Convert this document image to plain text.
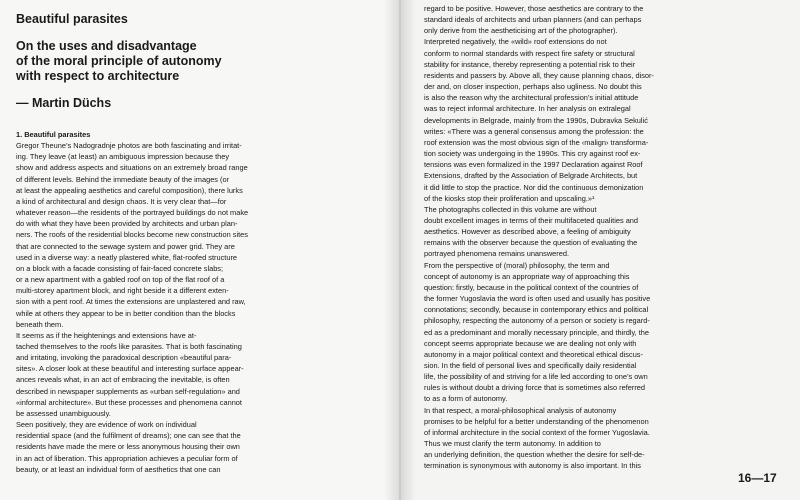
Beautiful parasites
On the uses and disadvantage
of the moral principle of autonomy
with respect to architecture
— Martin Düchs
1. Beautiful parasites
Gregor Theune’s Nadogradnje photos are both fascinating and irritat-
ing. They leave (at least) an ambiguous impression because they
show and address aspects and situations on an extremely broad range
of different levels. Behind the immediate beauty of the images (or
at least the appealing aesthetics and careful composition), there lurks
a kind of architectural and design chaos. It is very clear that—for
whatever reason—the residents of the portrayed buildings do not make
do with what they have been provided by architects and urban plan-
ners. The roofs of the residential blocks become new construction sites
that are connected to the sewage system and power grid. They are
used in a diverse way: a neatly plastered white, flat-roofed structure
on a block with a facade consisting of fair-faced concrete slabs;
or a new apartment with a gabled roof on top of the flat roof of a
multi-storey apartment block, and right beside it a different exten-
sion with a pent roof. At times the extensions are unplastered and raw,
while at others they appear to be in better condition than the blocks
beneath them.
It seems as if the heightenings and extensions have at-
tached themselves to the roofs like parasites. That is both fascinating
and irritating, invoking the paradoxical description «beautiful para-
sites». A closer look at these beautiful and interesting surface appear-
ances reveals what, in an act of embracing the inevitable, is often
described in newspaper supplements as «urban self-regulation» and
«informal architecture». But these processes and phenomena cannot
be assessed unambiguously.
Seen positively, they are evidence of work on individual
residential space (and the fulfilment of dreams); one can see that the
residents have made the mere or less anonymous housing their own
in an act of liberation. This appropriation achieves a peculiar form of
beauty, or at least an individual form of aesthetics that one can
regard to be positive. However, those aesthetics are contrary to the
standard ideals of architects and urban planners (and can perhaps
only derive from the aestheticising art of the photographer).
Interpreted negatively, the «wild» roof extensions do not
conform to normal standards with respect fire safety or structural
stability for instance, thereby representing a potential risk to their
residents and passers by. Above all, they cause planning chaos, disor-
der and, on closer inspection, perhaps also ugliness. No doubt this
is also the reason why the architectural profession’s initial attitude
was to reject informal architecture. In her analysis on extralegal
developments in Belgrade, mainly from the 1990s, Dubravka Sekulić
writes: «There was a general consensus among the profession: the
roof extension was the most obvious sign of the ‹malign› transforma-
tion society was undergoing in the 1990s. This cry against roof ex-
tensions was even formalized in the 1997 Declaration against Roof
Extensions, drafted by the Association of Belgrade Architects, but
it did little to stop the practice. Nor did the continuous demonization
of the kiosks stop their proliferation and upscaling.»¹
The photographs collected in this volume are without
doubt excellent images in terms of their multifaceted qualities and
aesthetics. However as described above, a feeling of ambiguity
remains with the observer because the question of evaluating the
portrayed phenomena remains unanswered.
From the perspective of (moral) philosophy, the term and
concept of autonomy is an appropriate way of approaching this
question: firstly, because in the political context of the countries of
the former Yugoslavia the word is often used and usually has positive
connotations; secondly, because in contemporary ethics and political
philosophy, respecting the autonomy of a person or society is regard-
ed as a predominant and morally necessary principle, and thirdly, the
concept seems appropriate because we are dealing not only with
autonomy in a major political context and theoretical ethical discus-
sion. In the field of personal lives and specifically daily residential
life, the possibility of and striving for a life led according to one’s own
rules is without doubt a driving force that is sometimes also referred
to as a form of autonomy.
In that respect, a moral-philosophical analysis of autonomy
promises to be helpful for a better understanding of the phenomenon
of informal architecture in the social context of the former Yugoslavia.
Thus we must clarify the term autonomy. In addition to
an underlying definition, the question whether the desire for self-de-
termination is synonymous with autonomy is also important. In this
16—17
